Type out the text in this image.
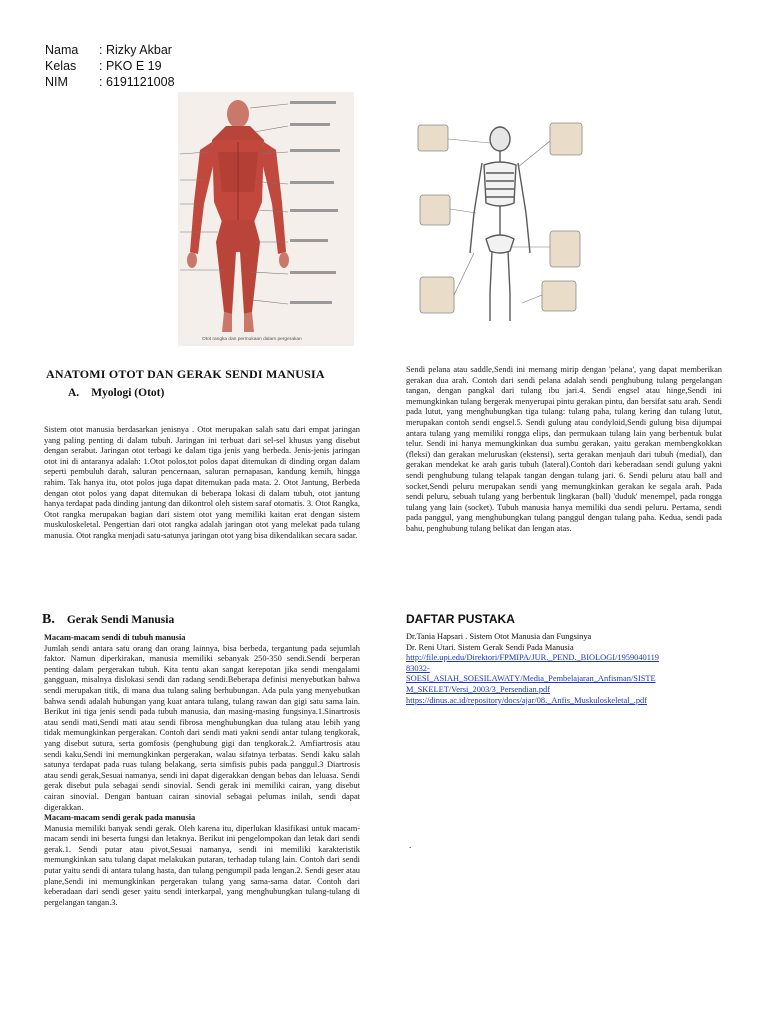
Nama	: Rizky Akbar
Kelas	: PKO E 19
NIM	: 6191121008
Otot rangka dan permukaan dalam pergerakan
ANATOMI OTOT DAN GERAK SENDI MANUSIA
A. Myologi (Otot)
Sistem otot manusia berdasarkan jenisnya . Otot merupakan salah satu dari empat jaringan yang paling penting di dalam tubuh. Jaringan ini terbuat dari sel-sel khusus yang disebut dengan serabut. Jaringan otot terbagi ke dalam tiga jenis yang berbeda. Jenis-jenis jaringan otot ini di antaranya adalah: 1.Otot polos,tot polos dapat ditemukan di dinding organ dalam seperti pembuluh darah, saluran pencernaan, saluran pernapasan, kandung kemih, hingga rahim. Tak hanya itu, otot polos juga dapat ditemukan pada mata. 2. Otot Jantung, Berbeda dengan otot polos yang dapat ditemukan di beberapa lokasi di dalam tubuh, otot jantung hanya terdapat pada dinding jantung dan dikontrol oleh sistem saraf otomatis. 3. Otot Rangka, Otot rangka merupakan bagian dari sistem otot yang memiliki kaitan erat dengan sistem muskuloskeletal. Pengertian dari otot rangka adalah jaringan otot yang melekat pada tulang manusia. Otot rangka menjadi satu-satunya jaringan otot yang bisa dikendalikan secara sadar.
B. Gerak Sendi Manusia

Macam-macam sendi di tubuh manusia

Jumlah sendi antara satu orang dan orang lainnya, bisa berbeda, tergantung pada sejumlah faktor. Namun diperkirakan, manusia memiliki sebanyak 250-350 sendi.Sendi berperan penting dalam pergerakan tubuh. Kita tentu akan sangat kerepotan jika sendi mengalami gangguan, misalnya dislokasi sendi dan radang sendi.Beberapa definisi menyebutkan bahwa sendi merupakan titik, di mana dua tulang saling berhubungan. Ada pula yang menyebutkan bahwa sendi adalah hubungan yang kuat antara tulang, tulang rawan dan gigi satu sama lain. Berikut ini tiga jenis sendi pada tubuh manusia, dan masing-masing fungsinya.1.Sinartrosis atau sendi mati,Sendi mati atau sendi fibrosa menghubungkan dua tulang atau lebih yang tidak memungkinkan pergerakan. Contoh dari sendi mati yakni sendi antar tulang tengkorak, yang disebut sutura, serta gomfosis (penghubung gigi dan tengkorak.2. Amfiartrosis atau sendi kaku,Sendi ini memungkinkan pergerakan, walau sifatnya terbatas. Sendi kaku salah satunya terdapat pada ruas tulang belakang, serta simfisis pubis pada panggul.3 Diartrosis atau sendi gerak,Sesuai namanya, sendi ini dapat digerakkan dengan bebas dan leluasa. Sendi gerak disebut pula sebagai sendi sinovial. Sendi gerak ini memiliki cairan, yang disebut cairan sinovial. Dengan bantuan cairan sinovial sebagai pelumas inilah, sendi dapat digerakkan.

Macam-macam sendi gerak pada manusia

Manusia memiliki banyak sendi gerak. Oleh karena itu, diperlukan klasifikasi untuk macam-macam sendi ini beserta fungsi dan letaknya. Berikut ini pengelompokan dan letak dari sendi gerak.1. Sendi putar atau pivot,Sesuai namanya, sendi ini memiliki karakteristik memungkinkan satu tulang dapat melakukan putaran, terhadap tulang lain. Contoh dari sendi putar yaitu sendi di antara tulang hasta, dan tulang pengumpil pada lengan.2. Sendi geser atau plane,Sendi ini memungkinkan pergerakan tulang yang sama-sama datar. Contoh dari keberadaan dari sendi geser yaitu sendi interkarpal, yang menghubungkan tulang-tulang di pergelangan tangan.3.

Sendi pelana atau saddle,Sendi ini memang mirip dengan 'pelana', yang dapat memberikan gerakan dua arah. Contoh dari sendi pelana adalah sendi penghubung tulang pergelangan tangan, dengan pangkal dari tulang ibu jari.4. Sendi engsel atau hinge,Sendi ini memungkinkan tulang bergerak menyerupai pintu gerakan pintu, dan bersifat satu arah. Sendi pada lutut, yang menghubungkan tiga tulang: tulang paha, tulang kering dan tulang lutut, merupakan contoh sendi engsel.5. Sendi gulung atau condyloid,Sendi gulung bisa dijumpai antara tulang yang memiliki rongga elips, dan permukaan tulang lain yang berbentuk bulat telur. Sendi ini hanya memungkinkan dua sumbu gerakan, yaitu gerakan membengkokkan (fleksi) dan gerakan meluruskan (ekstensi), serta gerakan menjauh dari tubuh (medial), dan gerakan mendekat ke arah garis tubuh (lateral).Contoh dari keberadaan sendi gulung yakni sendi penghubung tulang telapak tangan dengan tulang jari. 6. Sendi peluru atau ball and socket,Sendi peluru merupakan sendi yang memungkinkan gerakan ke segala arah. Pada sendi peluru, sebuah tulang yang berbentuk lingkaran (ball) 'duduk' menempel, pada rongga tulang yang lain (socket). Tubuh manusia hanya memiliki dua sendi peluru. Pertama, sendi pada panggul, yang menghubungkan tulang panggul dengan tulang paha. Kedua, sendi pada bahu, penghubung tulang belikat dan lengan atas.
DAFTAR PUSTAKA
Dr.Tania Hapsari . Sistem Otot Manusia dan Fungsinya
Dr. Reni Utari. Sistem Gerak Sendi Pada Manusia
http://file.upi.edu/Direktori/FPMIPA/JUR._PEND._BIOLOGI/1959040119
83032-
SOESI_ASIAH_SOESILAWATY/Media_Pembelajaran_Anfisman/SISTE
M_SKELET/Versi_2003/3_Persendian.pdf
https://dinus.ac.id/repository/docs/ajar/08._Anfis_Muskuloskeletal_.pdf
.
